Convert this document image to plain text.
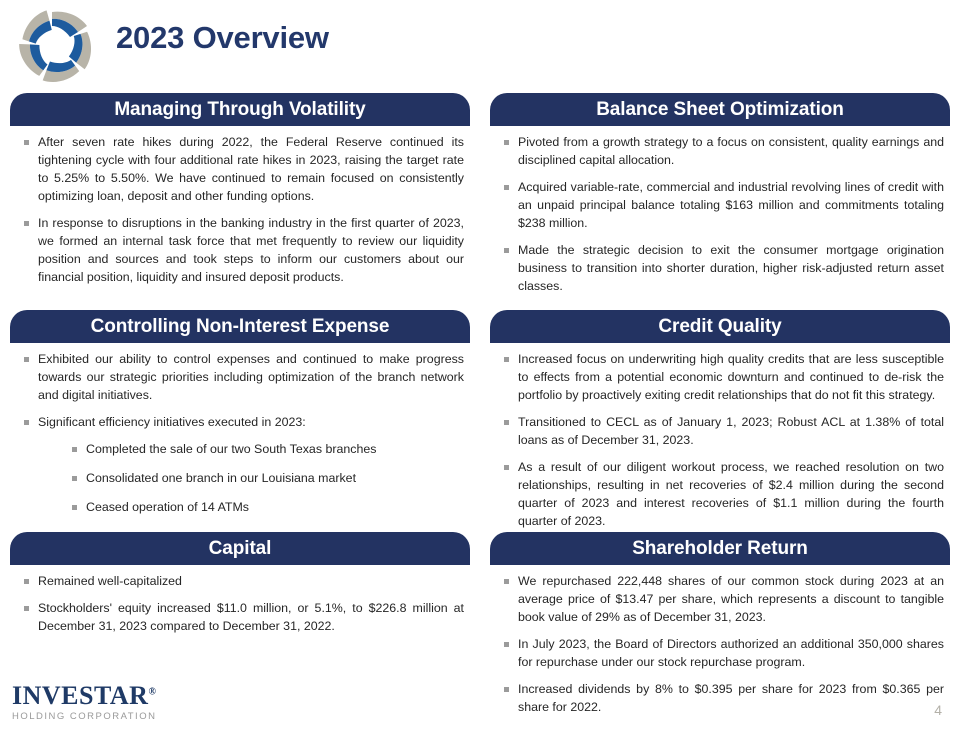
2023 Overview
Managing Through Volatility
After seven rate hikes during 2022, the Federal Reserve continued its tightening cycle with four additional rate hikes in 2023, raising the target rate to 5.25% to 5.50%. We have continued to remain focused on consistently optimizing loan, deposit and other funding options.
In response to disruptions in the banking industry in the first quarter of 2023, we formed an internal task force that met frequently to review our liquidity position and sources and took steps to inform our customers about our financial position, liquidity and insured deposit products.
Balance Sheet Optimization
Pivoted from a growth strategy to a focus on consistent, quality earnings and disciplined capital allocation.
Acquired variable-rate, commercial and industrial revolving lines of credit with an unpaid principal balance totaling $163 million and commitments totaling $238 million.
Made the strategic decision to exit the consumer mortgage origination business to transition into shorter duration, higher risk-adjusted return asset classes.
Controlling Non-Interest Expense
Exhibited our ability to control expenses and continued to make progress towards our strategic priorities including optimization of the branch network and digital initiatives.
Significant efficiency initiatives executed in 2023:
Completed the sale of our two South Texas branches
Consolidated one branch in our Louisiana market
Ceased operation of 14 ATMs
Credit Quality
Increased focus on underwriting high quality credits that are less susceptible to effects from a potential economic downturn and continued to de-risk the portfolio by proactively exiting credit relationships that do not fit this strategy.
Transitioned to CECL as of January 1, 2023; Robust ACL at 1.38% of total loans as of December 31, 2023.
As a result of our diligent workout process, we reached resolution on two relationships, resulting in net recoveries of $2.4 million during the second quarter of 2023 and interest recoveries of $1.1 million during the fourth quarter of 2023.
Capital
Remained well-capitalized
Stockholders' equity increased $11.0 million, or 5.1%, to $226.8 million at December 31, 2023 compared to December 31, 2022.
Shareholder Return
We repurchased 222,448 shares of our common stock during 2023 at an average price of $13.47 per share, which represents a discount to tangible book value of 29% as of December 31, 2023.
In July 2023, the Board of Directors authorized an additional 350,000 shares for repurchase under our stock repurchase program.
Increased dividends by 8% to $0.395 per share for 2023 from $0.365 per share for 2022.
INVESTAR®
HOLDING CORPORATION	4
